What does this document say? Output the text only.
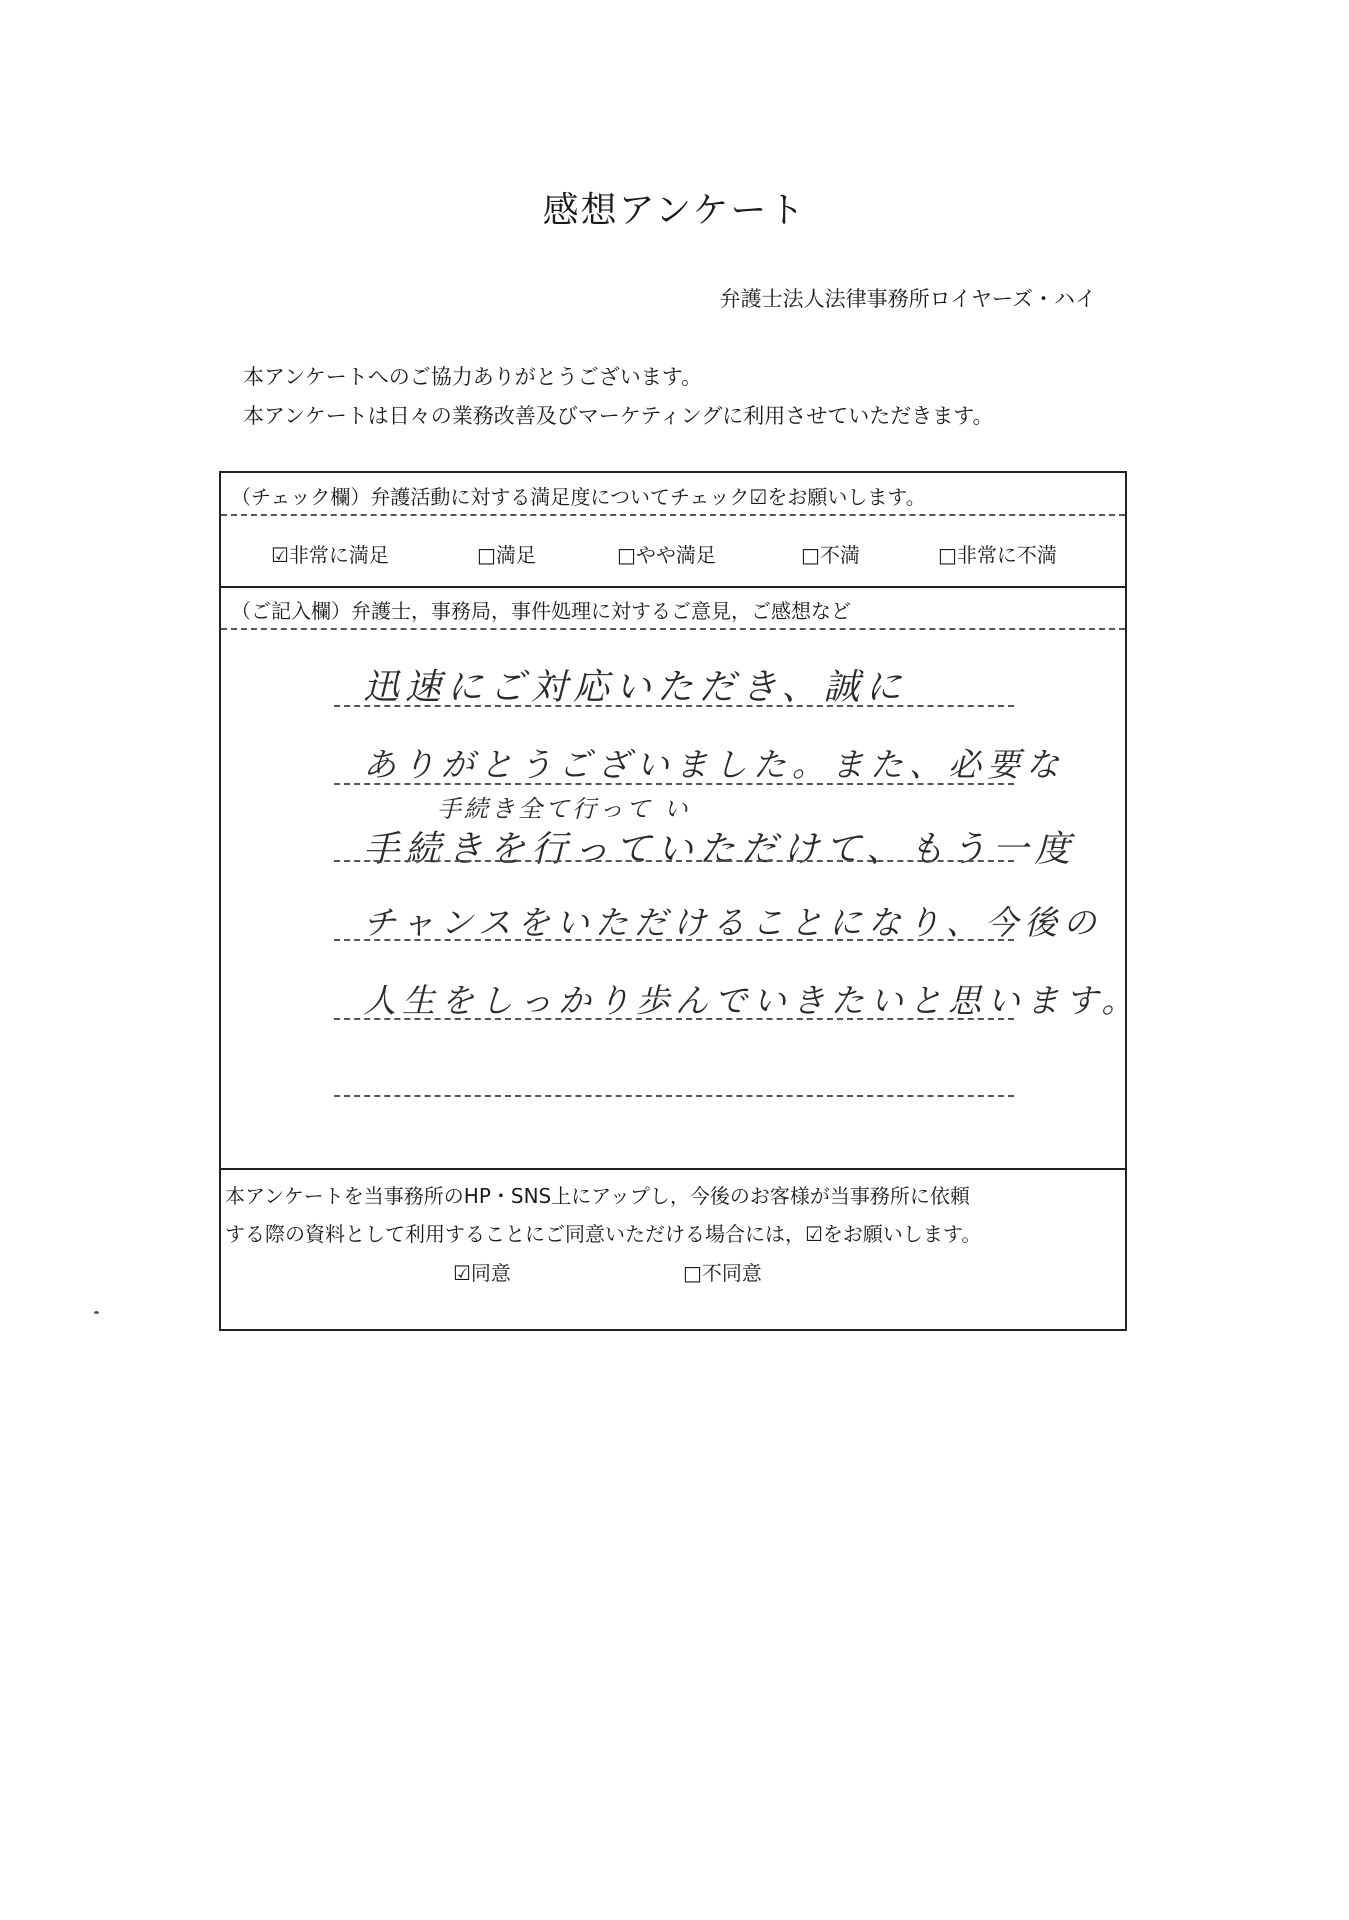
感想アンケート
弁護士法人法律事務所ロイヤーズ・ハイ
本アンケートへのご協力ありがとうございます。
本アンケートは日々の業務改善及びマーケティングに利用させていただきます。
（チェック欄）弁護活動に対する満足度についてチェック☑をお願いします。
☑非常に満足	□満足	□やや満足	□不満	□非常に不満
（ご記入欄）弁護士，事務局，事件処理に対するご意見，ご感想など
迅速にご対応いただき、誠に
ありがとうございました。また、必要な
手続き全て行って い
手続きを行っていただけて、もう一度
チャンスをいただけることになり、今後の
人生をしっかり歩んでいきたいと思います。
本アンケートを当事務所のHP・SNS上にアップし，今後のお客様が当事務所に依頼
する際の資料として利用することにご同意いただける場合には，☑をお願いします。
☑同意	□不同意
